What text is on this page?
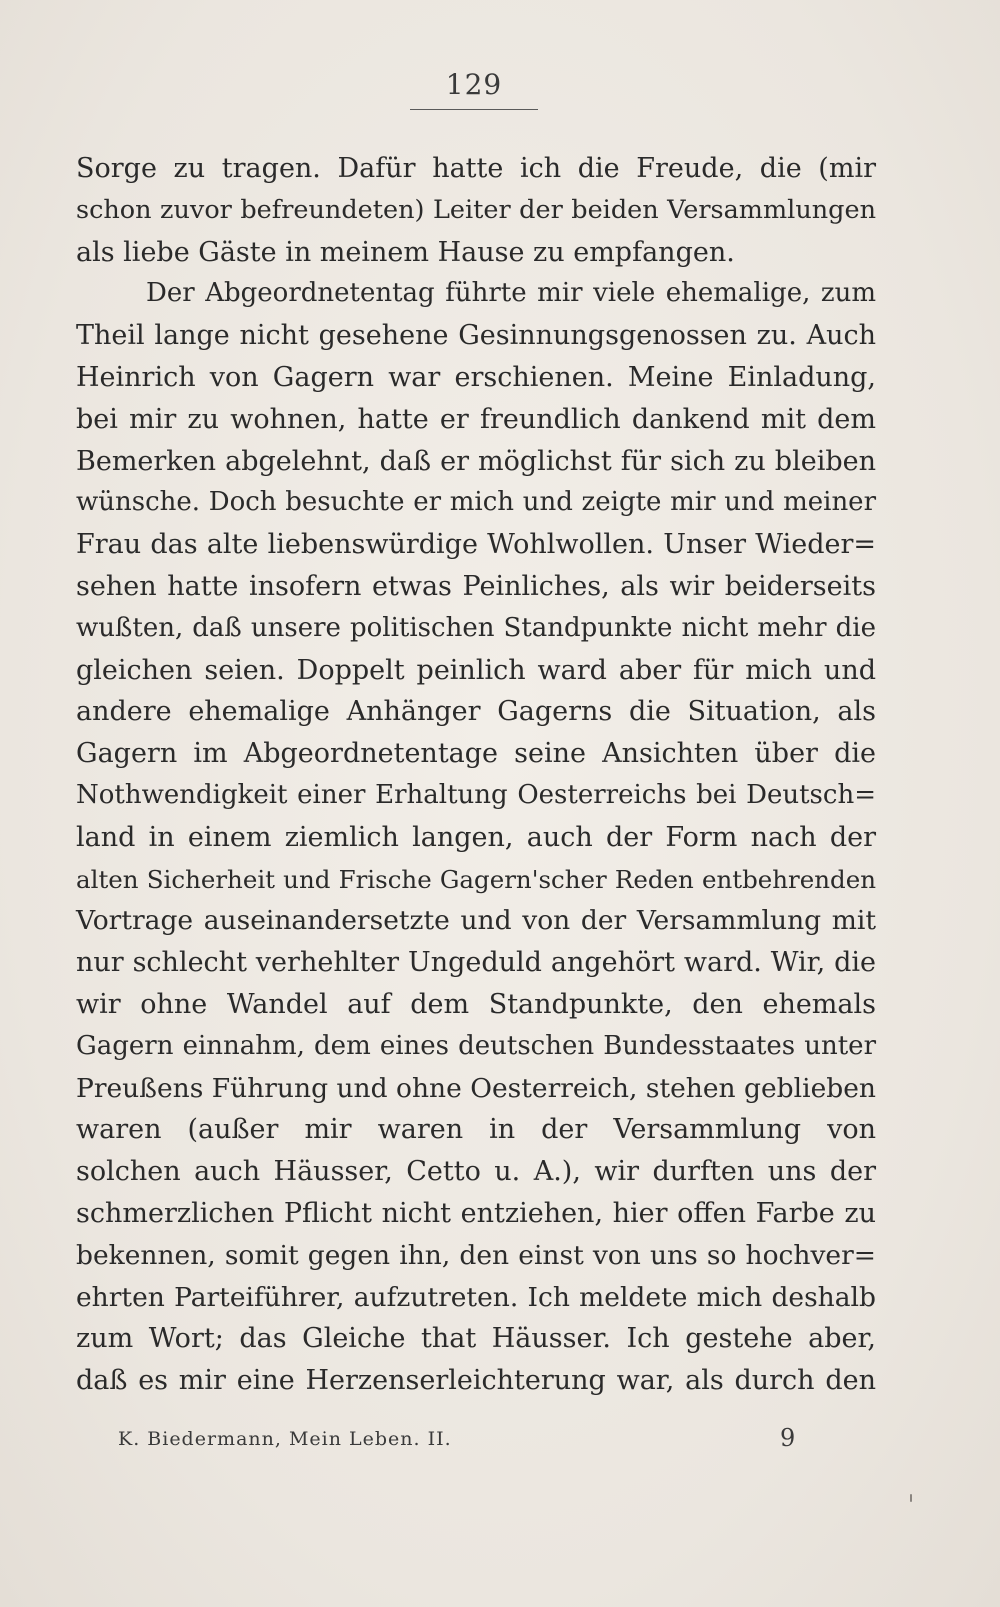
129
Sorge zu tragen. Dafür hatte ich die Freude, die (mir
schon zuvor befreundeten) Leiter der beiden Versammlungen
als liebe Gäste in meinem Hause zu empfangen.
Der Abgeordnetentag führte mir viele ehemalige, zum
Theil lange nicht gesehene Gesinnungsgenossen zu. Auch
Heinrich von Gagern war erschienen. Meine Einladung,
bei mir zu wohnen, hatte er freundlich dankend mit dem
Bemerken abgelehnt, daß er möglichst für sich zu bleiben
wünsche. Doch besuchte er mich und zeigte mir und meiner
Frau das alte liebenswürdige Wohlwollen. Unser Wieder=
sehen hatte insofern etwas Peinliches, als wir beiderseits
wußten, daß unsere politischen Standpunkte nicht mehr die
gleichen seien. Doppelt peinlich ward aber für mich und
andere ehemalige Anhänger Gagerns die Situation, als
Gagern im Abgeordnetentage seine Ansichten über die
Nothwendigkeit einer Erhaltung Oesterreichs bei Deutsch=
land in einem ziemlich langen, auch der Form nach der
alten Sicherheit und Frische Gagern'scher Reden entbehrenden
Vortrage auseinandersetzte und von der Versammlung mit
nur schlecht verhehlter Ungeduld angehört ward. Wir, die
wir ohne Wandel auf dem Standpunkte, den ehemals
Gagern einnahm, dem eines deutschen Bundesstaates unter
Preußens Führung und ohne Oesterreich, stehen geblieben
waren (außer mir waren in der Versammlung von
solchen auch Häusser, Cetto u. A.), wir durften uns der
schmerzlichen Pflicht nicht entziehen, hier offen Farbe zu
bekennen, somit gegen ihn, den einst von uns so hochver=
ehrten Parteiführer, aufzutreten. Ich meldete mich deshalb
zum Wort; das Gleiche that Häusser. Ich gestehe aber,
daß es mir eine Herzenserleichterung war, als durch den
K. Biedermann, Mein Leben. II.	9
